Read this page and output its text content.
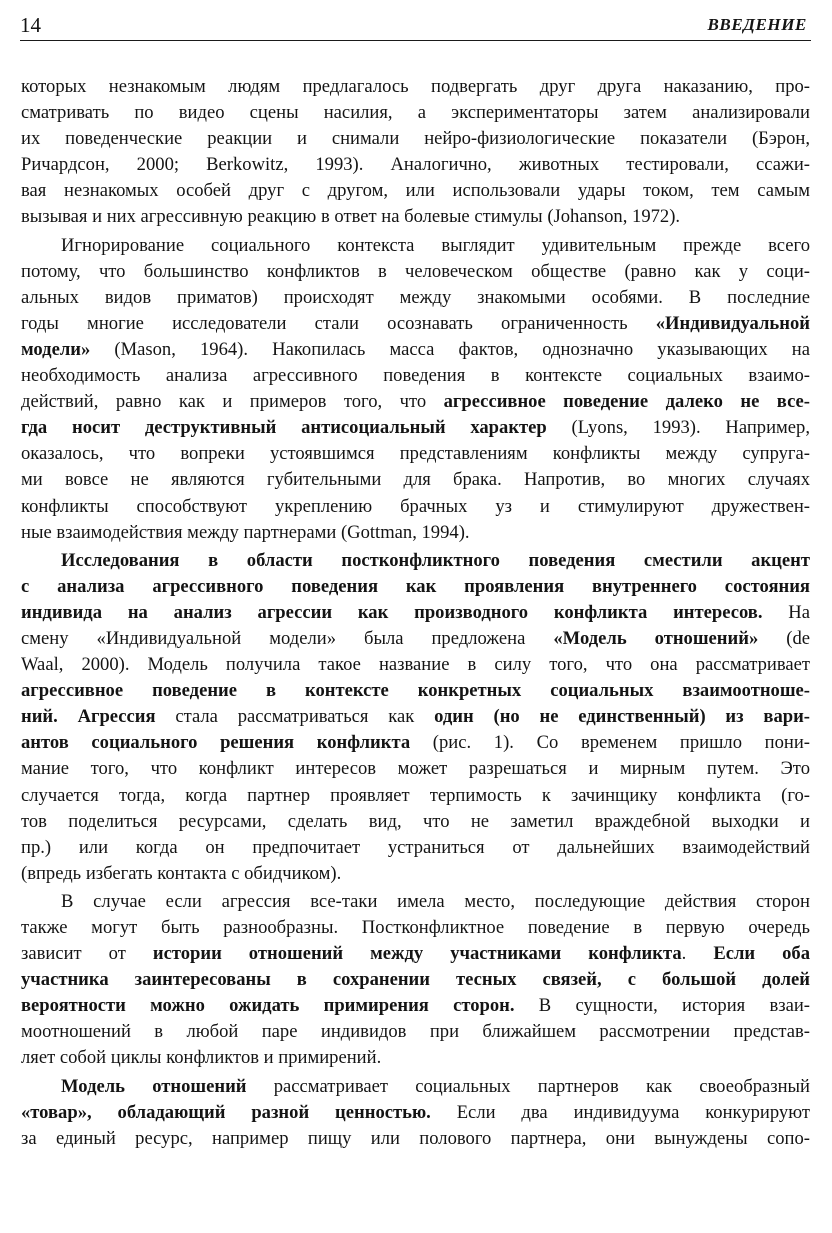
14	ВВЕДЕНИЕ
которых незнакомым людям предлагалось подвергать друг друга наказанию, про-
сматривать по видео сцены насилия, а экспериментаторы затем анализировали
их поведенческие реакции и снимали нейро-физиологические показатели (Бэрон,
Ричардсон, 2000; Berkowitz, 1993). Аналогично, животных тестировали, ссажи-
вая незнакомых особей друг с другом, или использовали удары током, тем самым
вызывая и них агрессивную реакцию в ответ на болевые стимулы (Johanson, 1972).
Игнорирование социального контекста выглядит удивительным прежде всего
потому, что большинство конфликтов в человеческом обществе (равно как у соци-
альных видов приматов) происходят между знакомыми особями. В последние
годы многие исследователи стали осознавать ограниченность «Индивидуальной
модели» (Mason, 1964). Накопилась масса фактов, однозначно указывающих на
необходимость анализа агрессивного поведения в контексте социальных взаимо-
действий, равно как и примеров того, что агрессивное поведение далеко не все-
гда носит деструктивный антисоциальный характер (Lyons, 1993). Например,
оказалось, что вопреки устоявшимся представлениям конфликты между супруга-
ми вовсе не являются губительными для брака. Напротив, во многих случаях
конфликты способствуют укреплению брачных уз и стимулируют дружествен-
ные взаимодействия между партнерами (Gottman, 1994).
Исследования в области постконфликтного поведения сместили акцент
с анализа агрессивного поведения как проявления внутреннего состояния
индивида на анализ агрессии как производного конфликта интересов. На
смену «Индивидуальной модели» была предложена «Модель отношений» (de
Waal, 2000). Модель получила такое название в силу того, что она рассматривает
агрессивное поведение в контексте конкретных социальных взаимоотноше-
ний. Агрессия стала рассматриваться как один (но не единственный) из вари-
антов социального решения конфликта (рис. 1). Со временем пришло пони-
мание того, что конфликт интересов может разрешаться и мирным путем. Это
случается тогда, когда партнер проявляет терпимость к зачинщику конфликта (го-
тов поделиться ресурсами, сделать вид, что не заметил враждебной выходки и
пр.) или когда он предпочитает устраниться от дальнейших взаимодействий
(впредь избегать контакта с обидчиком).
В случае если агрессия все-таки имела место, последующие действия сторон
также могут быть разнообразны. Постконфликтное поведение в первую очередь
зависит от истории отношений между участниками конфликта. Если оба
участника заинтересованы в сохранении тесных связей, с большой долей
вероятности можно ожидать примирения сторон. В сущности, история взаи-
моотношений в любой паре индивидов при ближайшем рассмотрении представ-
ляет собой циклы конфликтов и примирений.
Модель отношений рассматривает социальных партнеров как своеобразный
«товар», обладающий разной ценностью. Если два индивидуума конкурируют
за единый ресурс, например пищу или полового партнера, они вынуждены сопо-
